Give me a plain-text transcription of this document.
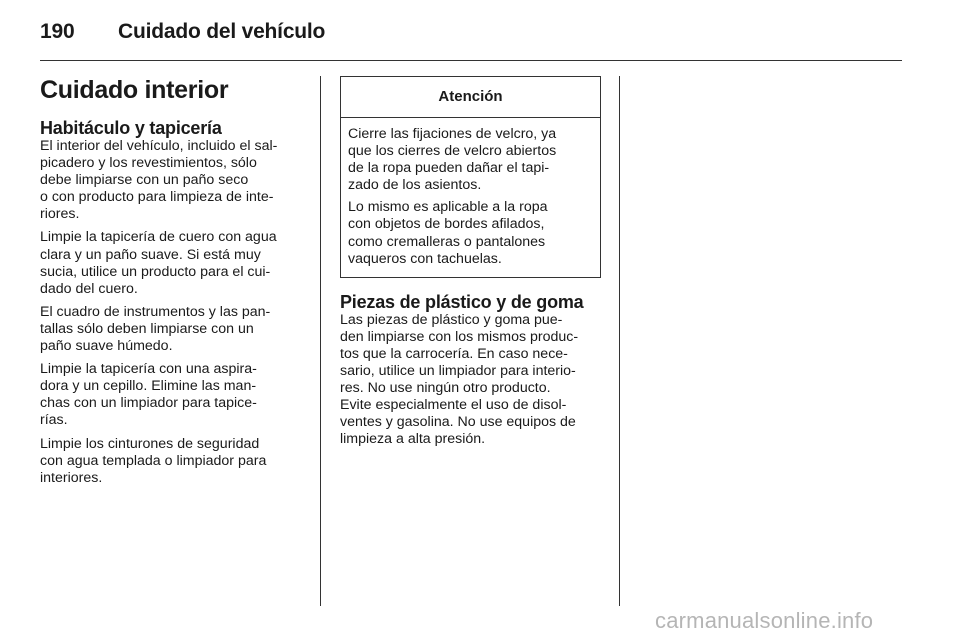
190 Cuidado del vehículo
Cuidado interior
Habitáculo y tapicería

El interior del vehículo, incluido el sal-
picadero y los revestimientos, sólo
debe limpiarse con un paño seco
o con producto para limpieza de inte-
riores.

Limpie la tapicería de cuero con agua
clara y un paño suave. Si está muy
sucia, utilice un producto para el cui-
dado del cuero.

El cuadro de instrumentos y las pan-
tallas sólo deben limpiarse con un
paño suave húmedo.

Limpie la tapicería con una aspira-
dora y un cepillo. Elimine las man-
chas con un limpiador para tapice-
rías.

Limpie los cinturones de seguridad
con agua templada o limpiador para
interiores.

Atención

Cierre las fijaciones de velcro, ya
que los cierres de velcro abiertos
de la ropa pueden dañar el tapi-
zado de los asientos.

Lo mismo es aplicable a la ropa
con objetos de bordes afilados,
como cremalleras o pantalones
vaqueros con tachuelas.

Piezas de plástico y de goma

Las piezas de plástico y goma pue-
den limpiarse con los mismos produc-
tos que la carrocería. En caso nece-
sario, utilice un limpiador para interio-
res. No use ningún otro producto.
Evite especialmente el uso de disol-
ventes y gasolina. No use equipos de
limpieza a alta presión.

carmanualsonline.info
